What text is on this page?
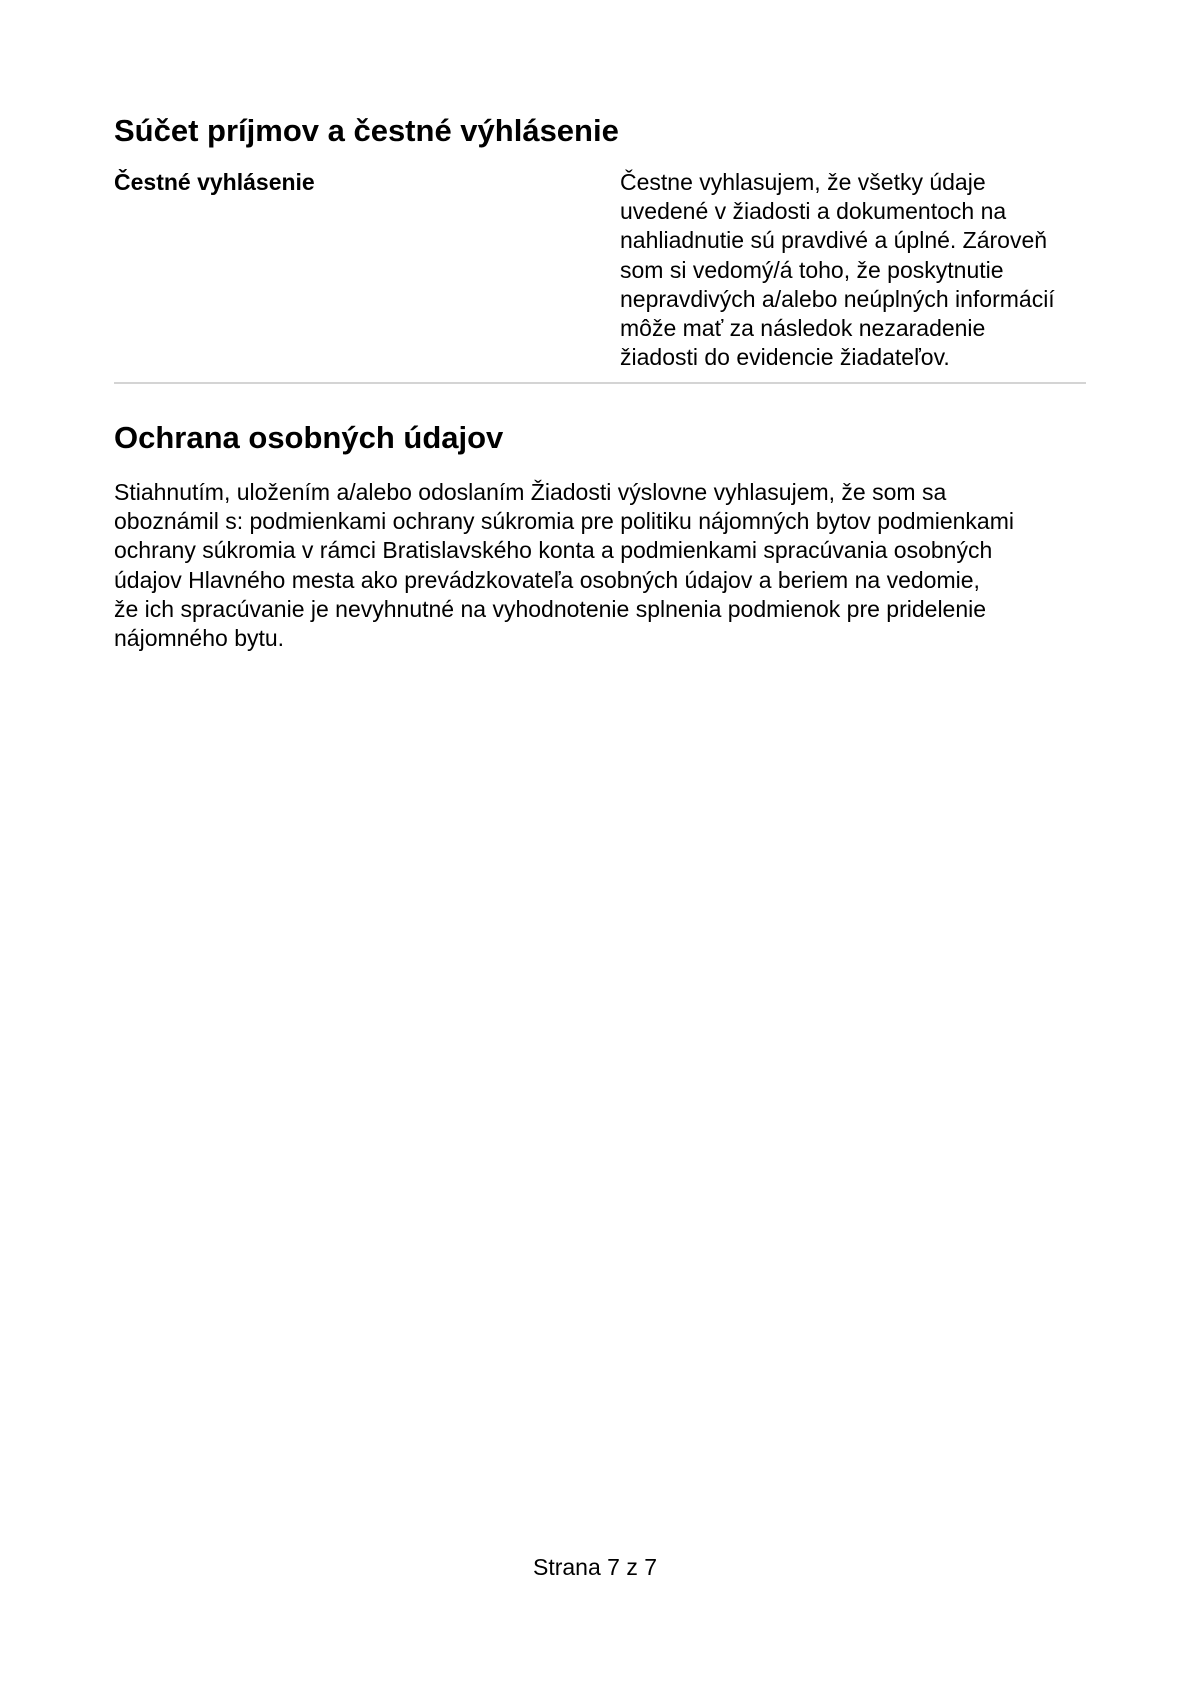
Súčet príjmov a čestné výhlásenie
Čestné vyhlásenie	Čestne vyhlasujem, že všetky údaje
uvedené v žiadosti a dokumentoch na
nahliadnutie sú pravdivé a úplné. Zároveň
som si vedomý/á toho, že poskytnutie
nepravdivých a/alebo neúplných informácií
môže mať za následok nezaradenie
žiadosti do evidencie žiadateľov.

Ochrana osobných údajov

Stiahnutím, uložením a/alebo odoslaním Žiadosti výslovne vyhlasujem, že som sa
oboznámil s: podmienkami ochrany súkromia pre politiku nájomných bytov podmienkami
ochrany súkromia v rámci Bratislavského konta a podmienkami spracúvania osobných
údajov Hlavného mesta ako prevádzkovateľa osobných údajov a beriem na vedomie,
že ich spracúvanie je nevyhnutné na vyhodnotenie splnenia podmienok pre pridelenie
nájomného bytu.

Strana 7 z 7
